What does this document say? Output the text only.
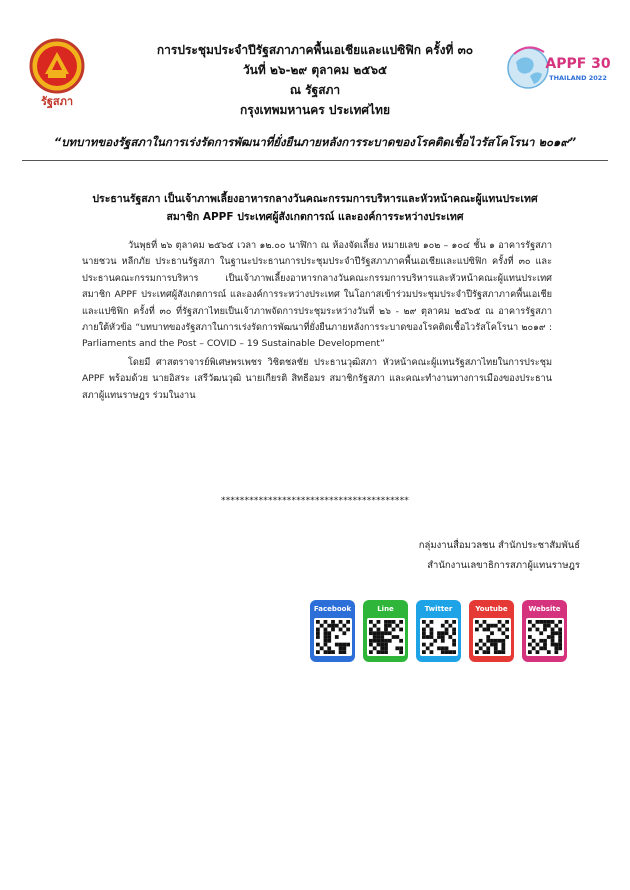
รัฐสภา
APPF 30
THAILAND 2022
การประชุมประจำปีรัฐสภาภาคพื้นเอเชียและแปซิฟิก ครั้งที่ ๓๐
วันที่ ๒๖-๒๙ ตุลาคม ๒๕๖๕
ณ รัฐสภา
กรุงเทพมหานคร ประเทศไทย
“บทบาทของรัฐสภาในการเร่งรัดการพัฒนาที่ยั่งยืนภายหลังการระบาดของโรคติดเชื้อไวรัสโคโรนา ๒๐๑๙”
ประธานรัฐสภา เป็นเจ้าภาพเลี้ยงอาหารกลางวันคณะกรรมการบริหารและหัวหน้าคณะผู้แทนประเทศ
สมาชิก APPF ประเทศผู้สังเกตการณ์ และองค์การระหว่างประเทศ

วันพุธที่ ๒๖ ตุลาคม ๒๕๖๕ เวลา ๑๒.๐๐ นาฬิกา ณ ห้องจัดเลี้ยง หมายเลข ๑๐๒ – ๑๐๔ ชั้น ๑ อาคารรัฐสภา นายชวน หลีกภัย ประธานรัฐสภา ในฐานะประธานการประชุมประจำปีรัฐสภาภาคพื้นเอเชียและแปซิฟิก ครั้งที่ ๓๐ และประธานคณะกรรมการบริหาร เป็นเจ้าภาพเลี้ยงอาหารกลางวันคณะกรรมการบริหารและหัวหน้าคณะผู้แทนประเทศสมาชิก APPF ประเทศผู้สังเกตการณ์ และองค์การระหว่างประเทศ ในโอกาสเข้าร่วมประชุมประจำปีรัฐสภาภาคพื้นเอเชียและแปซิฟิก ครั้งที่ ๓๐ ที่รัฐสภาไทยเป็นเจ้าภาพจัดการประชุมระหว่างวันที่ ๒๖ - ๒๙ ตุลาคม ๒๕๖๕ ณ อาคารรัฐสภา ภายใต้หัวข้อ “บทบาทของรัฐสภาในการเร่งรัดการพัฒนาที่ยั่งยืนภายหลังการระบาดของโรคติดเชื้อไวรัสโคโรนา ๒๐๑๙ : Parliaments and the Post – COVID – 19 Sustainable Development”

โดยมี ศาสตราจารย์พิเศษพรเพชร วิชิตชลชัย ประธานวุฒิสภา หัวหน้าคณะผู้แทนรัฐสภาไทยในการประชุม APPF พร้อมด้วย นายอิสระ เสรีวัฒนวุฒิ นายเกียรติ สิทธีอมร สมาชิกรัฐสภา และคณะทำงานทางการเมืองของประธานสภาผู้แทนราษฎร ร่วมในงาน

****************************************
กลุ่มงานสื่อมวลชน สำนักประชาสัมพันธ์
สำนักงานเลขาธิการสภาผู้แทนราษฎร
Facebook	Line	Twitter	Youtube	Website
